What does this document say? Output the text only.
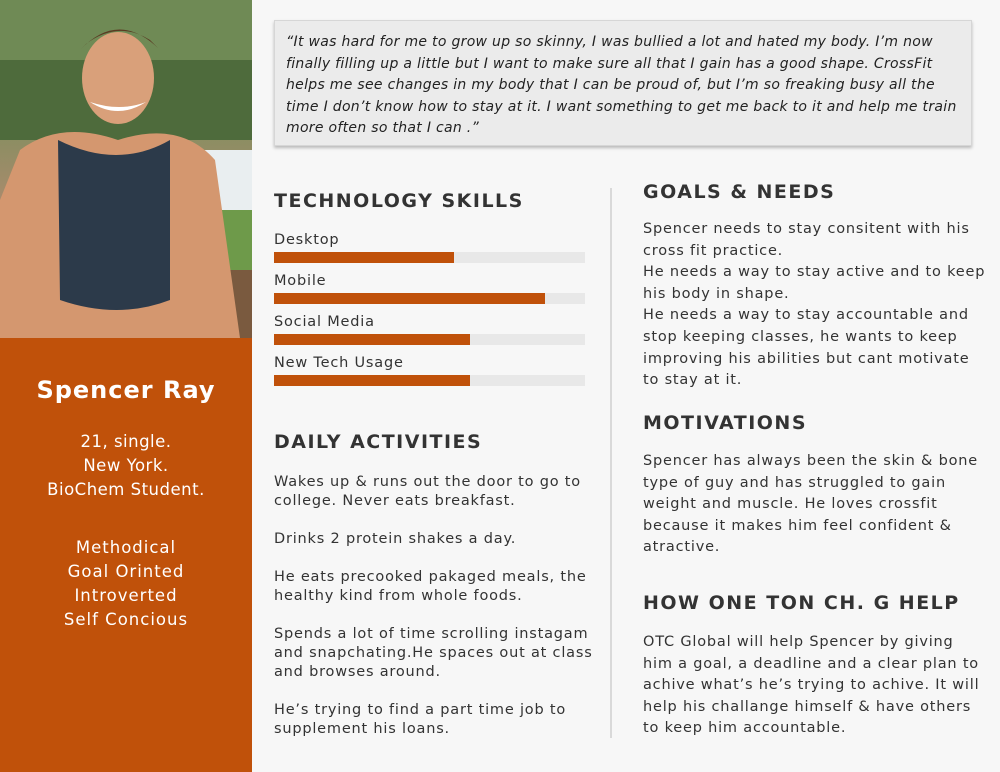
Spencer Ray
21, single.
New York.
BioChem Student.
Methodical
Goal Orinted
Introverted
Self Concious
“It was hard for me to grow up so skinny, I was bullied a lot and hated my body. I’m now finally filling up a little but I want to make sure all that I gain has a good shape. CrossFit helps me see changes in my body that I can be proud of, but I’m so freaking busy all the time I don’t know how to stay at it. I want something to get me back to it and help me train more often so that I can .”
TECHNOLOGY SKILLS
Desktop
Mobile
Social Media
New Tech Usage
DAILY ACTIVITIES

Wakes up & runs out the door to go to college. Never eats breakfast.

Drinks 2 protein shakes a day.

He eats precooked pakaged meals, the healthy kind from whole foods.

Spends a lot of time scrolling instagam and snapchating.He spaces out at class and browses around.

He’s trying to find a part time job to supplement his loans.

GOALS & NEEDS

Spencer needs to stay consitent with his cross fit practice.

He needs a way to stay active and to keep his body in shape.

He needs a way to stay accountable and stop keeping classes, he wants to keep improving his abilities but cant motivate to stay at it.

MOTIVATIONS
Spencer has always been the skin & bone type of guy and has struggled to gain weight and muscle. He loves crossfit because it makes him feel confident & atractive.
HOW ONE TON CH. G HELP
OTC Global will help Spencer by giving him a goal, a deadline and a clear plan to achive what’s he’s trying to achive. It will help his challange himself & have others to keep him accountable.
